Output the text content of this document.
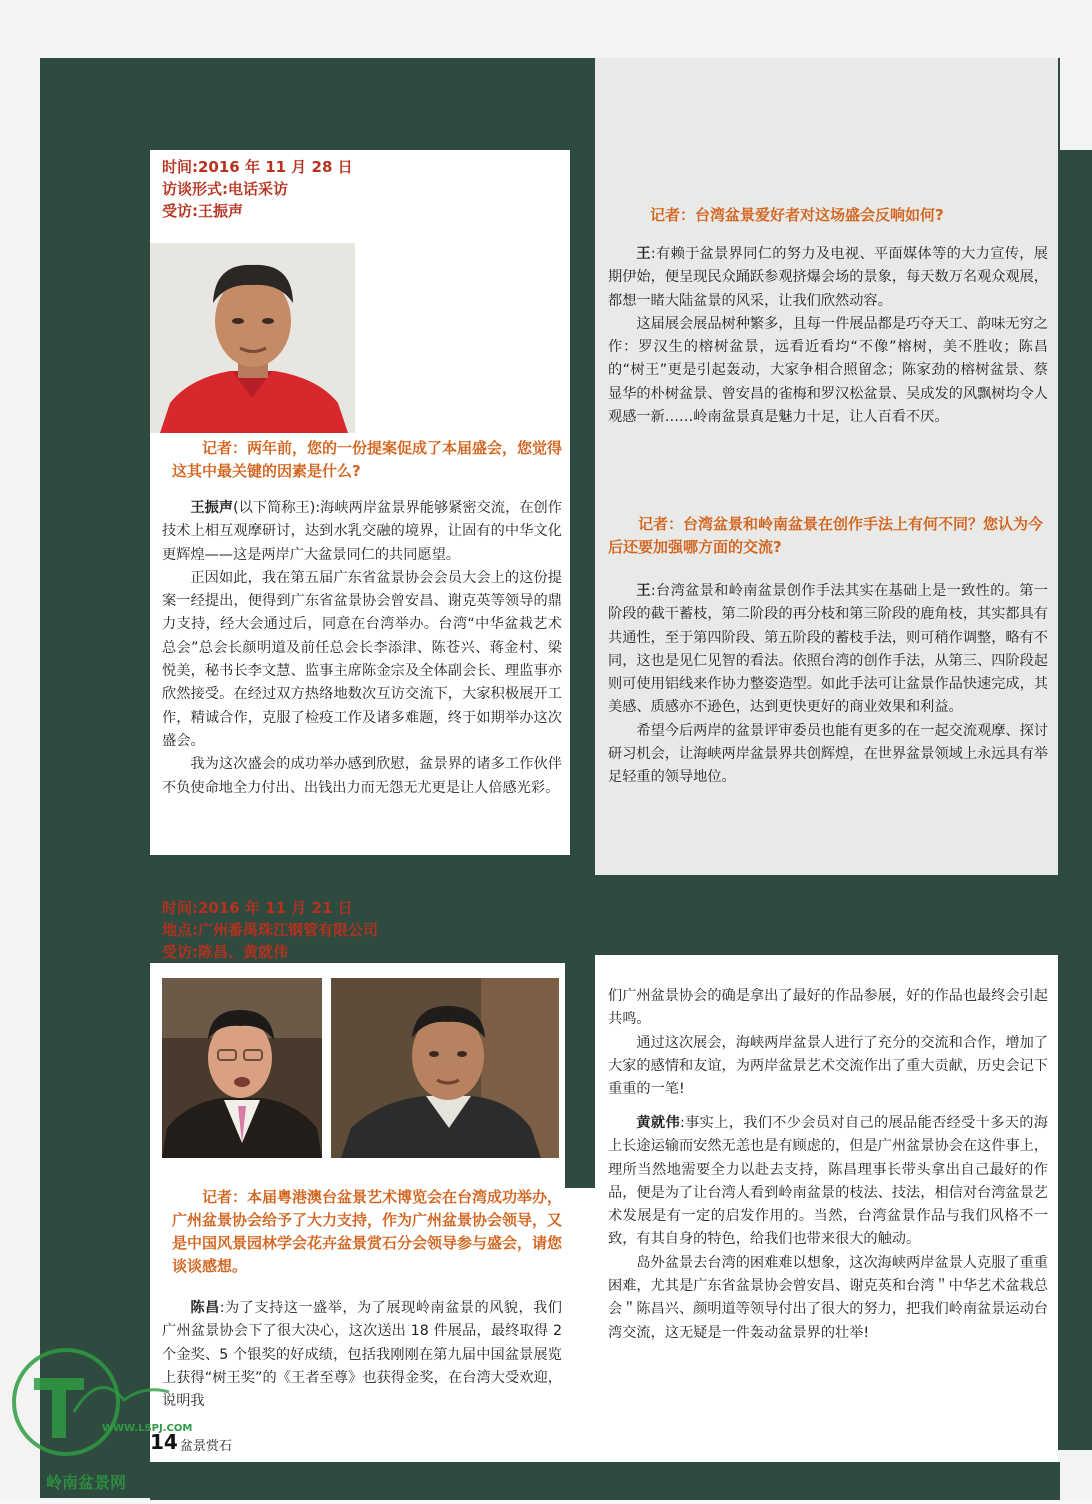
时间:2016 年 11 月 28 日
访谈形式:电话采访
受访:王振声
记者：两年前，您的一份提案促成了本届盛会，您觉得这其中最关键的因素是什么?

王振声(以下简称王):海峡两岸盆景界能够紧密交流，在创作技术上相互观摩研讨，达到水乳交融的境界，让固有的中华文化更辉煌——这是两岸广大盆景同仁的共同愿望。

正因如此，我在第五届广东省盆景协会会员大会上的这份提案一经提出，便得到广东省盆景协会曾安昌、谢克英等领导的鼎力支持，经大会通过后，同意在台湾举办。台湾“中华盆栽艺术总会”总会长颜明道及前任总会长李添津、陈苍兴、蒋金村、梁悦美，秘书长李文慧、监事主席陈金宗及全体副会长、理监事亦欣然接受。在经过双方热络地数次互访交流下，大家积极展开工作，精诚合作，克服了检疫工作及诸多难题，终于如期举办这次盛会。

我为这次盛会的成功举办感到欣慰，盆景界的诸多工作伙伴不负使命地全力付出、出钱出力而无怨无尤更是让人倍感光彩。

记者：台湾盆景爱好者对这场盛会反响如何?

王:有赖于盆景界同仁的努力及电视、平面媒体等的大力宣传，展期伊始，便呈现民众踊跃参观挤爆会场的景象，每天数万名观众观展，都想一睹大陆盆景的风采，让我们欣然动容。

这届展会展品树种繁多，且每一件展品都是巧夺天工、韵味无穷之作：罗汉生的榕树盆景，远看近看均“不像”榕树，美不胜收；陈昌的“树王”更是引起轰动，大家争相合照留念；陈家劲的榕树盆景、蔡显华的朴树盆景、曾安昌的雀梅和罗汉松盆景、吴成发的风飘树均令人观感一新……岭南盆景真是魅力十足，让人百看不厌。

记者：台湾盆景和岭南盆景在创作手法上有何不同？您认为今后还要加强哪方面的交流?

王:台湾盆景和岭南盆景创作手法其实在基础上是一致性的。第一阶段的截干蓄枝，第二阶段的再分枝和第三阶段的鹿角枝，其实都具有共通性，至于第四阶段、第五阶段的蓄枝手法，则可稍作调整，略有不同，这也是见仁见智的看法。依照台湾的创作手法，从第三、四阶段起则可使用铝线来作协力整姿造型。如此手法可让盆景作品快速完成，其美感、质感亦不逊色，达到更快更好的商业效果和利益。

希望今后两岸的盆景评审委员也能有更多的在一起交流观摩、探讨研习机会，让海峡两岸盆景界共创辉煌，在世界盆景领域上永远具有举足轻重的领导地位。

时间:2016 年 11 月 21 日
地点:广州番禺珠江钢管有限公司
受访:陈昌、黄就伟
记者：本届粤港澳台盆景艺术博览会在台湾成功举办，广州盆景协会给予了大力支持，作为广州盆景协会领导，又是中国风景园林学会花卉盆景赏石分会领导参与盛会，请您谈谈感想。

陈昌:为了支持这一盛举，为了展现岭南盆景的风貌，我们广州盆景协会下了很大决心，这次送出 18 件展品，最终取得 2 个金奖、5 个银奖的好成绩，包括我刚刚在第九届中国盆景展览上获得“树王奖”的《王者至尊》也获得金奖，在台湾大受欢迎，说明我

们广州盆景协会的确是拿出了最好的作品参展，好的作品也最终会引起共鸣。

通过这次展会，海峡两岸盆景人进行了充分的交流和合作，增加了大家的感情和友谊，为两岸盆景艺术交流作出了重大贡献，历史会记下重重的一笔!

黄就伟:事实上，我们不少会员对自己的展品能否经受十多天的海上长途运输而安然无恙也是有顾虑的，但是广州盆景协会在这件事上，理所当然地需要全力以赴去支持，陈昌理事长带头拿出自己最好的作品，便是为了让台湾人看到岭南盆景的枝法、技法，相信对台湾盆景艺术发展是有一定的启发作用的。当然，台湾盆景作品与我们风格不一致，有其自身的特色，给我们也带来很大的触动。

岛外盆景去台湾的困难难以想象，这次海峡两岸盆景人克服了重重困难，尤其是广东省盆景协会曾安昌、谢克英和台湾＂中华艺术盆栽总会＂陈昌兴、颜明道等领导付出了很大的努力，把我们岭南盆景运动台湾交流，这无疑是一件轰动盆景界的壮举!

14 盆景赏石
WWW.LSPJ.COM
岭南盆景网
